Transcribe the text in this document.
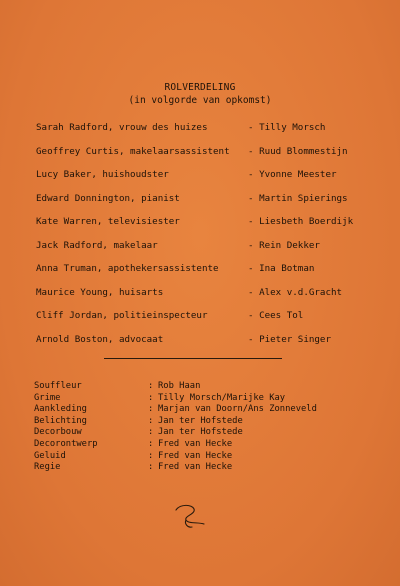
ROLVERDELING
(in volgorde van opkomst)
Sarah Radford, vrouw des huizes	- Tilly Morsch
Geoffrey Curtis, makelaarsassistent - Ruud Blommestijn
Lucy Baker, huishoudster	- Yvonne Meester
Edward Donnington, pianist	- Martin Spierings
Kate Warren, televisiester	- Liesbeth Boerdijk
Jack Radford, makelaar	- Rein Dekker
Anna Truman, apothekersassistente	- Ina Botman
Maurice Young, huisarts	- Alex v.d.Gracht
Cliff Jordan, politieinspecteur	- Cees Tol
Arnold Boston, advocaat	- Pieter Singer
Souffleur	: Rob Haan
Grime	: Tilly Morsch/Marijke Kay
Aankleding	: Marjan van Doorn/Ans Zonneveld
Belichting	: Jan ter Hofstede
Decorbouw	: Jan ter Hofstede
Decorontwerp	: Fred van Hecke
Geluid	: Fred van Hecke
Regie	: Fred van Hecke
